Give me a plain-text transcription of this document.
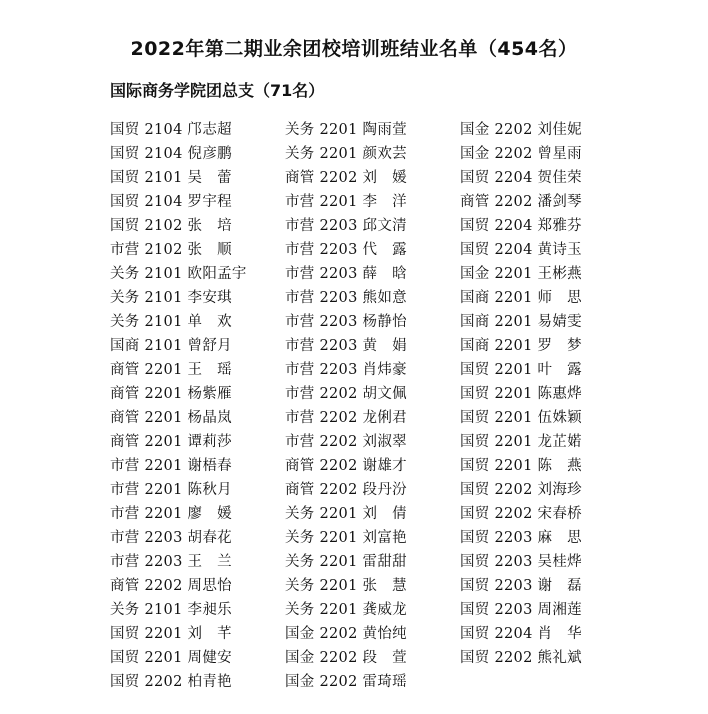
2022年第二期业余团校培训班结业名单（454名）
国际商务学院团总支（71名）
国贸 2104 邝志超
国贸 2104 倪彦鹏
国贸 2101 吴　蕾
国贸 2104 罗宇程
国贸 2102 张　培
市营 2102 张　顺
关务 2101 欧阳孟宇
关务 2101 李安琪
关务 2101 单　欢
国商 2101 曾舒月
商管 2201 王　瑶
商管 2201 杨紫雁
商管 2201 杨晶岚
商管 2201 谭莉莎
市营 2201 谢梧春
市营 2201 陈秋月
市营 2201 廖　媛
市营 2203 胡春花
市营 2203 王　兰
商管 2202 周思怡
关务 2101 李昶乐
国贸 2201 刘　芊
国贸 2201 周健安
国贸 2202 柏青艳
关务 2201 陶雨萱
关务 2201 颜欢芸
商管 2202 刘　媛
市营 2201 李　洋
市营 2203 邱文清
市营 2203 代　露
市营 2203 薛　晗
市营 2203 熊如意
市营 2203 杨静怡
市营 2203 黄　娟
市营 2203 肖炜豪
市营 2202 胡文佩
市营 2202 龙俐君
市营 2202 刘淑翠
商管 2202 谢雄才
商管 2202 段丹汾
关务 2201 刘　倩
关务 2201 刘富艳
关务 2201 雷甜甜
关务 2201 张　慧
关务 2201 龚威龙
国金 2202 黄怡纯
国金 2202 段　萱
国金 2202 雷琦瑶
国金 2202 刘佳妮
国金 2202 曾星雨
国贸 2204 贺佳荣
商管 2202 潘剑琴
国贸 2204 郑雅芬
国贸 2204 黄诗玉
国金 2201 王彬燕
国商 2201 师　思
国商 2201 易婧雯
国商 2201 罗　梦
国贸 2201 叶　露
国贸 2201 陈惠烨
国贸 2201 伍姝颖
国贸 2201 龙芷婼
国贸 2201 陈　燕
国贸 2202 刘海珍
国贸 2202 宋春桥
国贸 2203 麻　思
国贸 2203 吴桂烨
国贸 2203 谢　磊
国贸 2203 周湘莲
国贸 2204 肖　华
国贸 2202 熊礼斌
